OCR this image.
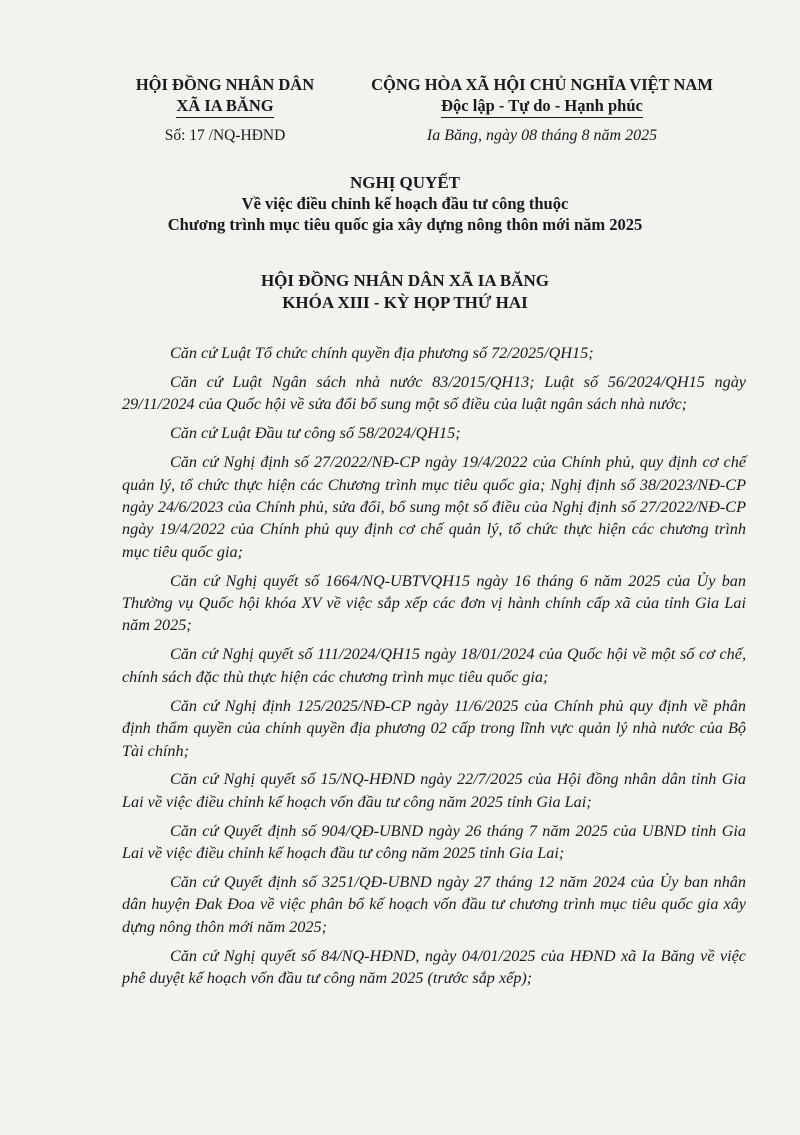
HỘI ĐỒNG NHÂN DÂN
XÃ IA BĂNG
Số: 17 /NQ-HĐND
CỘNG HÒA XÃ HỘI CHỦ NGHĨA VIỆT NAM
Độc lập - Tự do - Hạnh phúc
Ia Băng, ngày 08 tháng 8 năm 2025
NGHỊ QUYẾT
Về việc điều chỉnh kế hoạch đầu tư công thuộc
Chương trình mục tiêu quốc gia xây dựng nông thôn mới năm 2025
HỘI ĐỒNG NHÂN DÂN XÃ IA BĂNG
KHÓA XIII - KỲ HỌP THỨ HAI

Căn cứ Luật Tổ chức chính quyền địa phương số 72/2025/QH15;

Căn cứ Luật Ngân sách nhà nước 83/2015/QH13; Luật số 56/2024/QH15 ngày 29/11/2024 của Quốc hội về sửa đổi bổ sung một số điều của luật ngân sách nhà nước;

Căn cứ Luật Đầu tư công số 58/2024/QH15;

Căn cứ Nghị định số 27/2022/NĐ-CP ngày 19/4/2022 của Chính phủ, quy định cơ chế quản lý, tổ chức thực hiện các Chương trình mục tiêu quốc gia; Nghị định số 38/2023/NĐ-CP ngày 24/6/2023 của Chính phủ, sửa đổi, bổ sung một số điều của Nghị định số 27/2022/NĐ-CP ngày 19/4/2022 của Chính phủ quy định cơ chế quản lý, tổ chức thực hiện các chương trình mục tiêu quốc gia;

Căn cứ Nghị quyết số 1664/NQ-UBTVQH15 ngày 16 tháng 6 năm 2025 của Ủy ban Thường vụ Quốc hội khóa XV về việc sắp xếp các đơn vị hành chính cấp xã của tỉnh Gia Lai năm 2025;

Căn cứ Nghị quyết số 111/2024/QH15 ngày 18/01/2024 của Quốc hội về một số cơ chế, chính sách đặc thù thực hiện các chương trình mục tiêu quốc gia;

Căn cứ Nghị định 125/2025/NĐ-CP ngày 11/6/2025 của Chính phủ quy định về phân định thẩm quyền của chính quyền địa phương 02 cấp trong lĩnh vực quản lý nhà nước của Bộ Tài chính;

Căn cứ Nghị quyết số 15/NQ-HĐND ngày 22/7/2025 của Hội đồng nhân dân tỉnh Gia Lai về việc điều chỉnh kế hoạch vốn đầu tư công năm 2025 tỉnh Gia Lai;

Căn cứ Quyết định số 904/QĐ-UBND ngày 26 tháng 7 năm 2025 của UBND tỉnh Gia Lai về việc điều chỉnh kế hoạch đầu tư công năm 2025 tỉnh Gia Lai;

Căn cứ Quyết định số 3251/QĐ-UBND ngày 27 tháng 12 năm 2024 của Ủy ban nhân dân huyện Đak Đoa về việc phân bổ kế hoạch vốn đầu tư chương trình mục tiêu quốc gia xây dựng nông thôn mới năm 2025;

Căn cứ Nghị quyết số 84/NQ-HĐND, ngày 04/01/2025 của HĐND xã Ia Băng về việc phê duyệt kế hoạch vốn đầu tư công năm 2025 (trước sắp xếp);
